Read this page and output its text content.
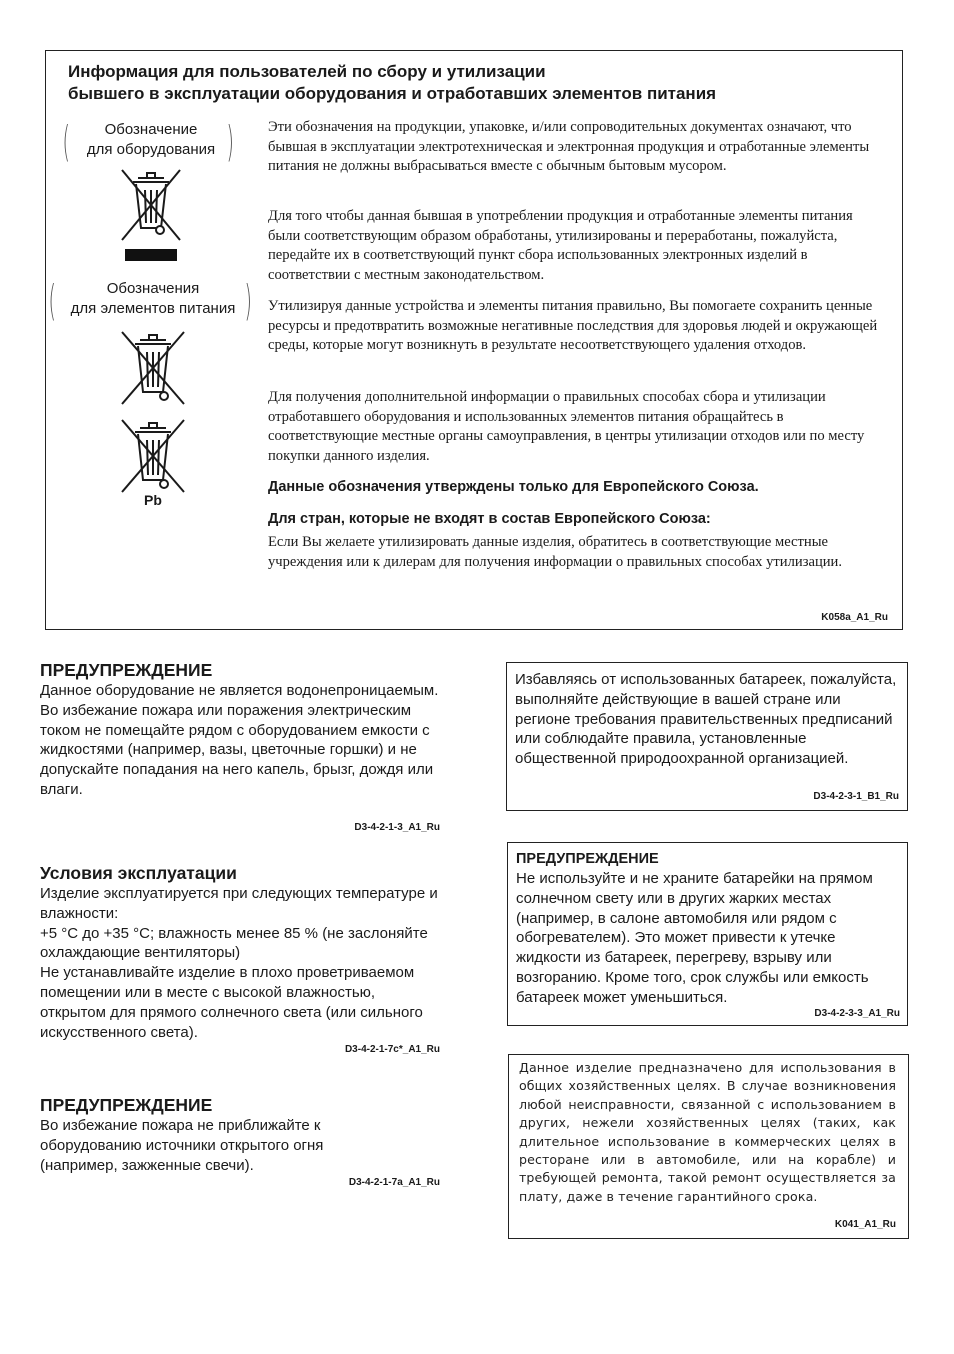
Информация для пользователей по сбору и утилизации
бывшего в эксплуатации оборудования и отработавших элементов питания
(	Обозначение
для оборудования )
(	Обозначения
для элементов питания )
Pb
Эти обозначения на продукции, упаковке, и/или сопроводительных документах означают, что бывшая в эксплуатации электротехническая и электронная продукция и отработанные элементы питания не должны выбрасываться вместе с обычным бытовым мусором.
Для того чтобы данная бывшая в употреблении продукция и отработанные элементы питания были соответствующим образом обработаны, утилизированы и переработаны, пожалуйста, передайте их в соответствующий пункт сбора использованных электронных изделий в соответствии с местным законодательством.
Утилизируя данные устройства и элементы питания правильно, Вы помогаете сохранить ценные ресурсы и предотвратить возможные негативные последствия для здоровья людей и окружающей среды, которые могут возникнуть в результате несоответствующего удаления отходов.
Для получения дополнительной информации о правильных способах сбора и утилизации отработавшего оборудования и использованных элементов питания обращайтесь в соответствующие местные органы самоуправления, в центры утилизации отходов или по месту покупки данного изделия.
Данные обозначения утверждены только для Европейского Союза.
Для стран, которые не входят в состав Европейского Союза:
Если Вы желаете утилизировать данные изделия, обратитесь в соответствующие местные учреждения или к дилерам для получения информации о правильных способах утилизации.
K058a_A1_Ru
ПРЕДУПРЕЖДЕНИЕ
Данное оборудование не является водонепроницаемым. Во избежание пожара или поражения электрическим током не помещайте рядом с оборудованием емкости с жидкостями (например, вазы, цветочные горшки) и не допускайте попадания на него капель, брызг, дождя или влаги.
D3-4-2-1-3_A1_Ru
Условия эксплуатации
Изделие эксплуатируется при следующих температуре и влажности:
+5 °C до +35 °C; влажность менее 85 % (не заслоняйте охлаждающие вентиляторы)
Не устанавливайте изделие в плохо проветриваемом помещении или в месте с высокой влажностью, открытом для прямого солнечного света (или сильного искусственного света).
D3-4-2-1-7c*_A1_Ru
ПРЕДУПРЕЖДЕНИЕ
Во избежание пожара не приближайте к оборудованию источники открытого огня (например, зажженные свечи).
D3-4-2-1-7a_A1_Ru
Избавляясь от использованных батареек, пожалуйста, выполняйте действующие в вашей стране или регионе требования правительственных предписаний или соблюдайте правила, установленные общественной природоохранной организацией.
D3-4-2-3-1_B1_Ru
ПРЕДУПРЕЖДЕНИЕ
Не используйте и не храните батарейки на прямом солнечном свету или в других жарких местах (например, в салоне автомобиля или рядом с обогревателем). Это может привести к утечке жидкости из батареек, перегреву, взрыву или возгоранию. Кроме того, срок службы или емкость батареек может уменьшиться.
D3-4-2-3-3_A1_Ru
Данное изделие предназначено для использования в общих хозяйственных целях. В случае возникновения любой неисправности, связанной с использованием в других, нежели хозяйственных целях (таких, как длительное использование в коммерческих целях в ресторане или в автомобиле, или на корабле) и требующей ремонта, такой ремонт осуществляется за плату, даже в течение гарантийного срока.
K041_A1_Ru
